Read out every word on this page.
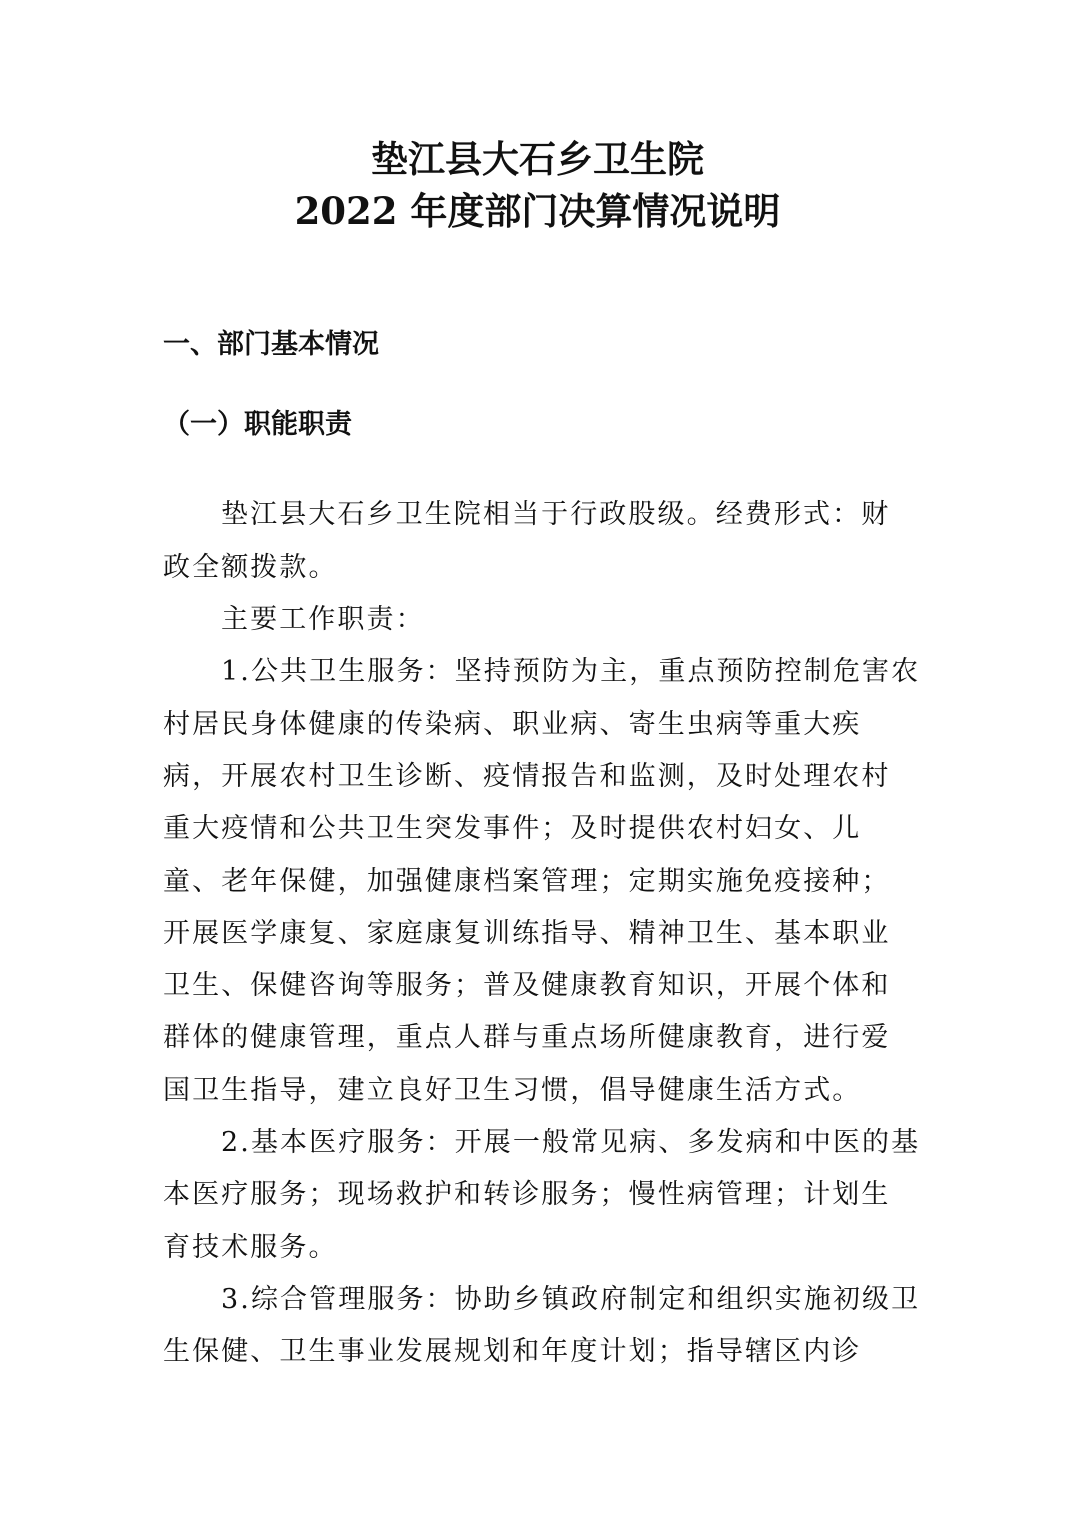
垫江县大石乡卫生院
2022 年度部门决算情况说明
一、部门基本情况
（一）职能职责

垫江县大石乡卫生院相当于行政股级。经费形式：财

政全额拨款。

主要工作职责：

1.公共卫生服务：坚持预防为主，重点预防控制危害农

村居民身体健康的传染病、职业病、寄生虫病等重大疾

病，开展农村卫生诊断、疫情报告和监测，及时处理农村

重大疫情和公共卫生突发事件；及时提供农村妇女、儿

童、老年保健，加强健康档案管理；定期实施免疫接种；

开展医学康复、家庭康复训练指导、精神卫生、基本职业

卫生、保健咨询等服务；普及健康教育知识，开展个体和

群体的健康管理，重点人群与重点场所健康教育，进行爱

国卫生指导，建立良好卫生习惯，倡导健康生活方式。

2.基本医疗服务：开展一般常见病、多发病和中医的基

本医疗服务；现场救护和转诊服务；慢性病管理；计划生

育技术服务。

3.综合管理服务：协助乡镇政府制定和组织实施初级卫

生保健、卫生事业发展规划和年度计划；指导辖区内诊
